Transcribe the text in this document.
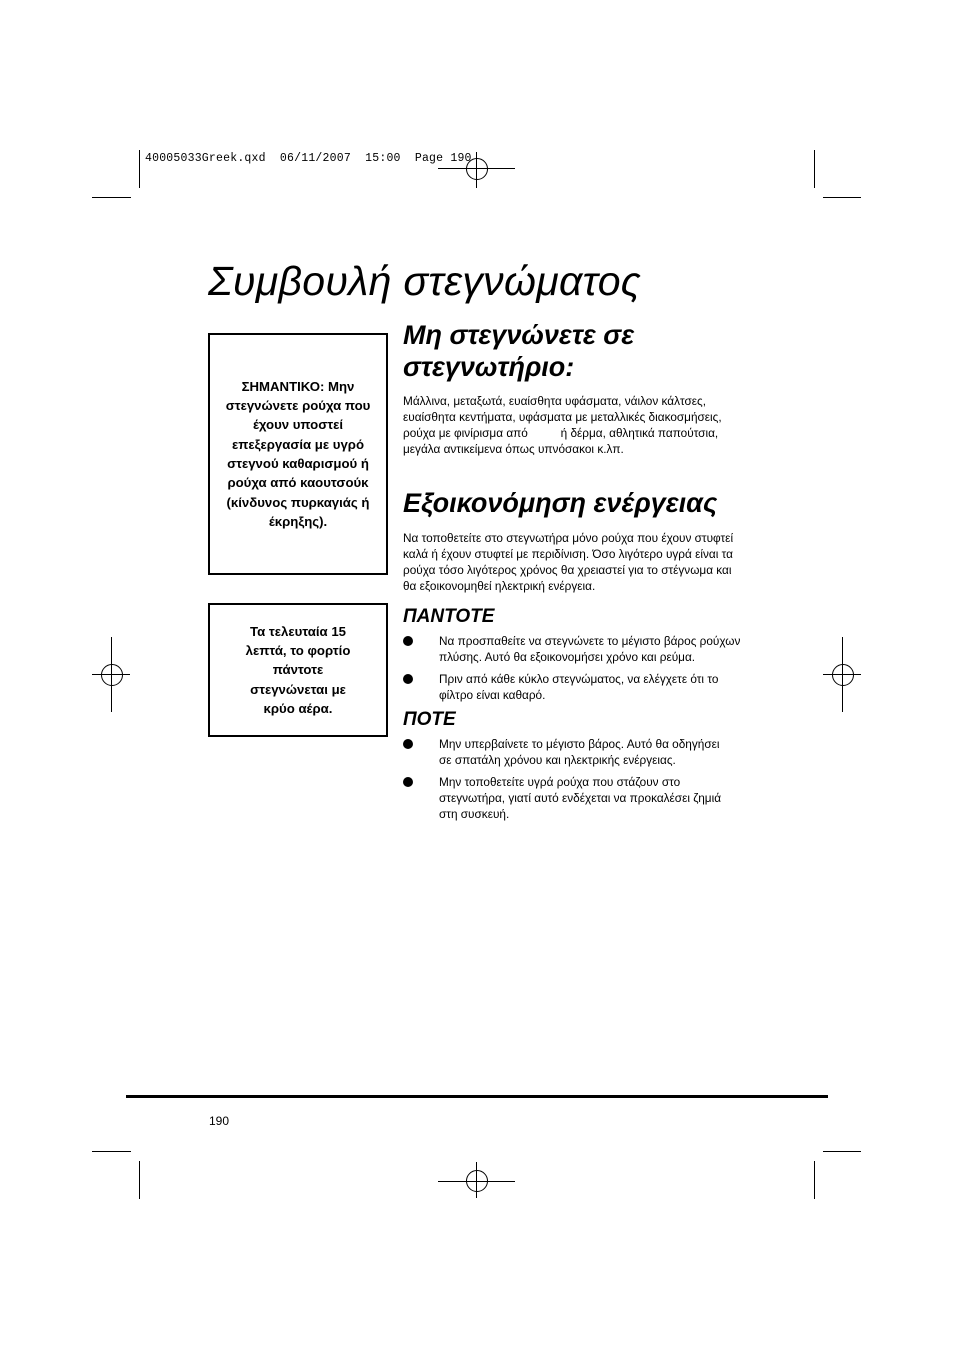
40005033Greek.qxd  06/11/2007  15:00  Page 190
Συμβουλή στεγνώματος

ΣΗΜΑΝΤΙΚΟ: Μην στεγνώνετε ρούχα που έχουν υποστεί επεξεργασία με υγρό στεγνού καθαρισμού ή ρούχα από καουτσούκ (κίνδυνος πυρκαγιάς ή έκρηξης).

Τα τελευταία 15 λεπτά, το φορτίο πάντοτε στεγνώνεται με κρύο αέρα.

Μη στεγνώνετε σε στεγνωτήριο:

Μάλλινα, μεταξωτά, ευαίσθητα υφάσματα, νάιλον κάλτσες, ευαίσθητα κεντήματα, υφάσματα με μεταλλικές διακοσμήσεις, ρούχα με φινίρισμα από          ή δέρμα, αθλητικά παπούτσια, μεγάλα αντικείμενα όπως υπνόσακοι κ.λπ.

Εξοικονόμηση ενέργειας

Να τοποθετείτε στο στεγνωτήρα μόνο ρούχα που έχουν στυφτεί καλά ή έχουν στυφτεί με περιδίνιση. Όσο λιγότερο υγρά είναι τα ρούχα τόσο λιγότερος χρόνος θα χρειαστεί για το στέγνωμα και θα εξοικονομηθεί ηλεκτρική ενέργεια.

ΠΑΝΤΟΤΕ
Να προσπαθείτε να στεγνώνετε το μέγιστο βάρος ρούχων πλύσης. Αυτό θα εξοικονομήσει χρόνο και ρεύμα.
Πριν από κάθε κύκλο στεγνώματος, να ελέγχετε ότι το φίλτρο είναι καθαρό.
ΠΟΤΕ
Μην υπερβαίνετε το μέγιστο βάρος. Αυτό θα οδηγήσει σε σπατάλη χρόνου και ηλεκτρικής ενέργειας.
Μην τοποθετείτε υγρά ρούχα που στάζουν στο στεγνωτήρα, γιατί αυτό ενδέχεται να προκαλέσει ζημιά στη συσκευή.
190
